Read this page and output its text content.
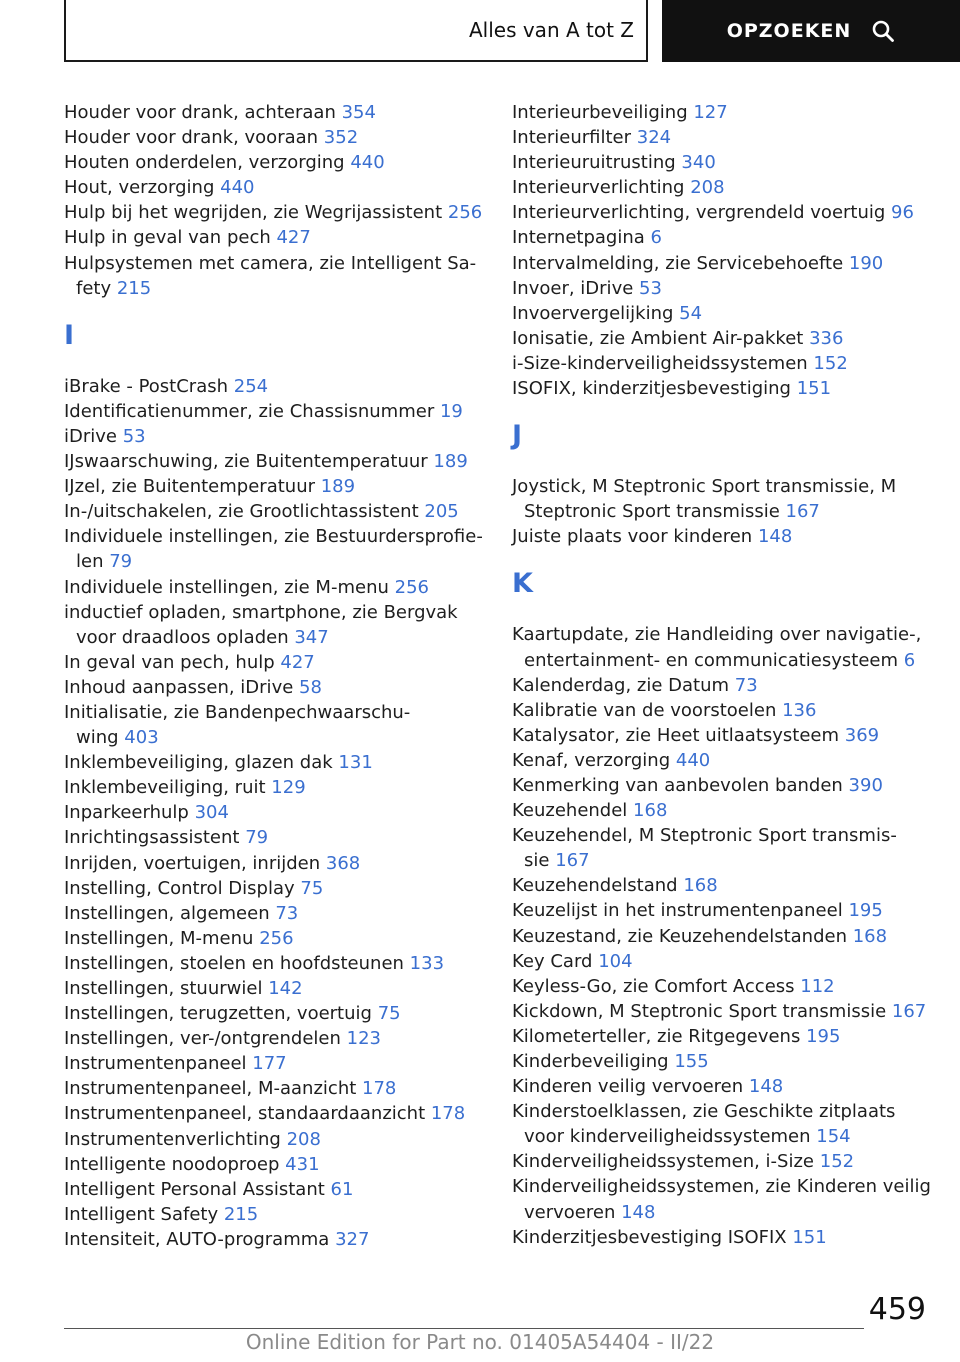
Alles van A tot Z	OPZOEKEN
Houder voor drank, achteraan 354
Houder voor drank, vooraan 352
Houten onderdelen, verzorging 440
Hout, verzorging 440
Hulp bij het wegrijden, zie Wegrijassistent 256
Hulp in geval van pech 427
Hulpsystemen met camera, zie Intelligent Sa-
fety 215
I
iBrake - PostCrash 254
Identificatienummer, zie Chassisnummer 19
iDrive 53
IJswaarschuwing, zie Buitentemperatuur 189
IJzel, zie Buitentemperatuur 189
In-/uitschakelen, zie Grootlichtassistent 205
Individuele instellingen, zie Bestuurdersprofie-
len 79
Individuele instellingen, zie M-menu 256
inductief opladen, smartphone, zie Bergvak
voor draadloos opladen 347
In geval van pech, hulp 427
Inhoud aanpassen, iDrive 58
Initialisatie, zie Bandenpechwaarschu-
wing 403
Inklembeveiliging, glazen dak 131
Inklembeveiliging, ruit 129
Inparkeerhulp 304
Inrichtingsassistent 79
Inrijden, voertuigen, inrijden 368
Instelling, Control Display 75
Instellingen, algemeen 73
Instellingen, M-menu 256
Instellingen, stoelen en hoofdsteunen 133
Instellingen, stuurwiel 142
Instellingen, terugzetten, voertuig 75
Instellingen, ver-/ontgrendelen 123
Instrumentenpaneel 177
Instrumentenpaneel, M-aanzicht 178
Instrumentenpaneel, standaardaanzicht 178
Instrumentenverlichting 208
Intelligente noodoproep 431
Intelligent Personal Assistant 61
Intelligent Safety 215
Intensiteit, AUTO-programma 327
Interieurbeveiliging 127
Interieurfilter 324
Interieuruitrusting 340
Interieurverlichting 208
Interieurverlichting, vergrendeld voertuig 96
Internetpagina 6
Intervalmelding, zie Servicebehoefte 190
Invoer, iDrive 53
Invoervergelijking 54
Ionisatie, zie Ambient Air-pakket 336
i-Size-kinderveiligheidssystemen 152
ISOFIX, kinderzitjesbevestiging 151
J
Joystick, M Steptronic Sport transmissie, M
Steptronic Sport transmissie 167
Juiste plaats voor kinderen 148
K
Kaartupdate, zie Handleiding over navigatie-,
entertainment- en communicatiesysteem 6
Kalenderdag, zie Datum 73
Kalibratie van de voorstoelen 136
Katalysator, zie Heet uitlaatsysteem 369
Kenaf, verzorging 440
Kenmerking van aanbevolen banden 390
Keuzehendel 168
Keuzehendel, M Steptronic Sport transmis-
sie 167
Keuzehendelstand 168
Keuzelijst in het instrumentenpaneel 195
Keuzestand, zie Keuzehendelstanden 168
Key Card 104
Keyless-Go, zie Comfort Access 112
Kickdown, M Steptronic Sport transmissie 167
Kilometerteller, zie Ritgegevens 195
Kinderbeveiliging 155
Kinderen veilig vervoeren 148
Kinderstoelklassen, zie Geschikte zitplaats
voor kinderveiligheidssystemen 154
Kinderveiligheidssystemen, i-Size 152
Kinderveiligheidssystemen, zie Kinderen veilig
vervoeren 148
Kinderzitjesbevestiging ISOFIX 151
459
Online Edition for Part no. 01405A54404 - II/22
